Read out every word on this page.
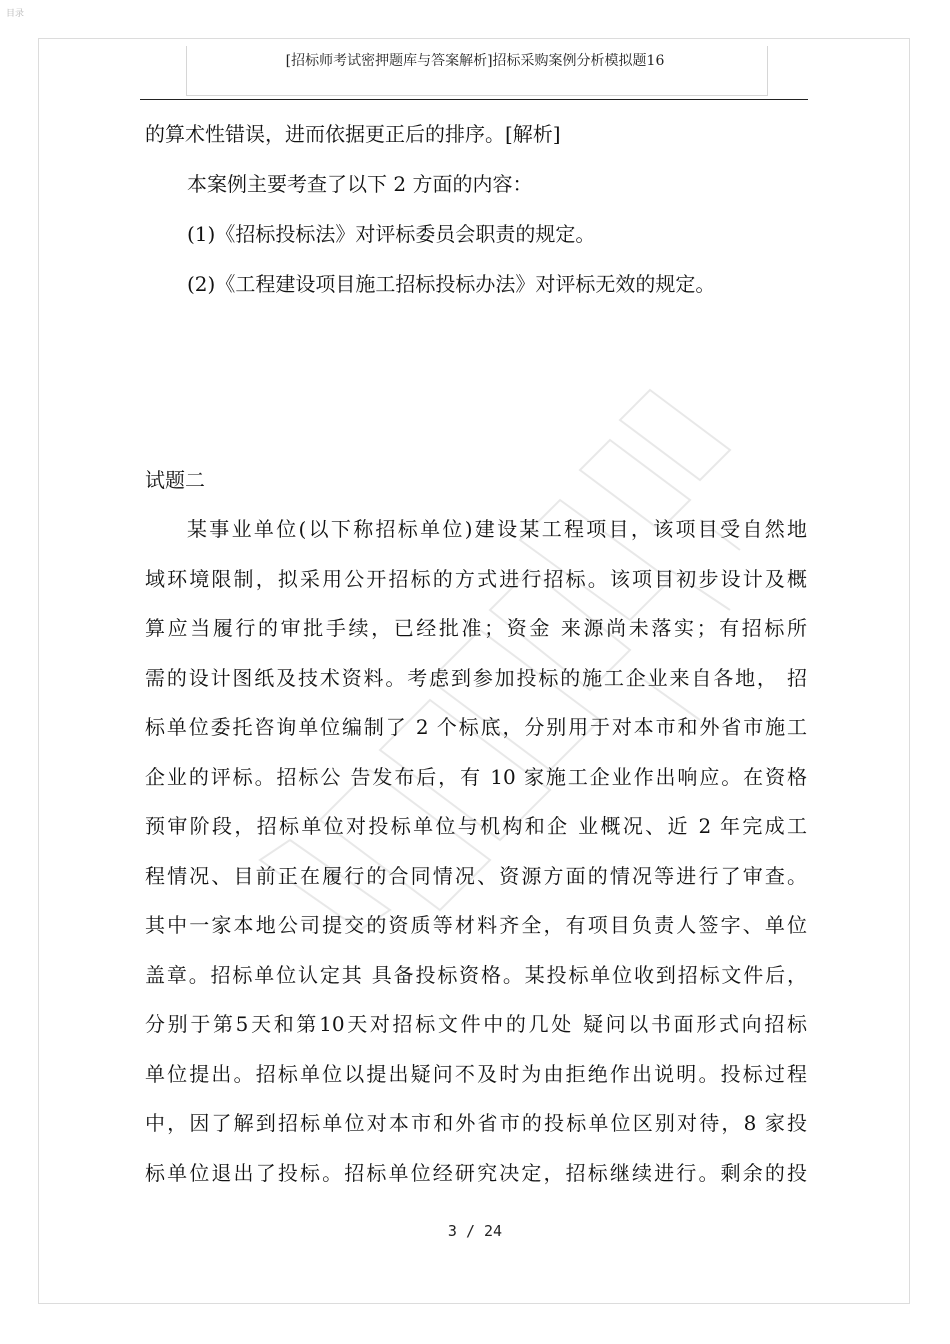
目录
[招标师考试密押题库与答案解析]招标采购案例分析模拟题16
的算术性错误，进而依据更正后的排序。[解析]
本案例主要考查了以下 2 方面的内容：
(1)《招标投标法》对评标委员会职责的规定。
(2)《工程建设项目施工招标投标办法》对评标无效的规定。
试题二
某事业单位(以下称招标单位)建设某工程项目，该项目受自然地
域环境限制，拟采用公开招标的方式进行招标。该项目初步设计及概
算应当履行的审批手续，已经批准；资金 来源尚未落实；有招标所
需的设计图纸及技术资料。考虑到参加投标的施工企业来自各地， 招
标单位委托咨询单位编制了 2 个标底，分别用于对本市和外省市施工
企业的评标。招标公 告发布后，有 10 家施工企业作出响应。在资格
预审阶段，招标单位对投标单位与机构和企 业概况、近 2 年完成工
程情况、目前正在履行的合同情况、资源方面的情况等进行了审查。
其中一家本地公司提交的资质等材料齐全，有项目负责人签字、单位
盖章。招标单位认定其 具备投标资格。某投标单位收到招标文件后，
分别于第5天和第10天对招标文件中的几处 疑问以书面形式向招标
单位提出。招标单位以提出疑问不及时为由拒绝作出说明。投标过程
中，因了解到招标单位对本市和外省市的投标单位区别对待，8 家投
标单位退出了投标。招标单位经研究决定，招标继续进行。剩余的投
3 / 24
